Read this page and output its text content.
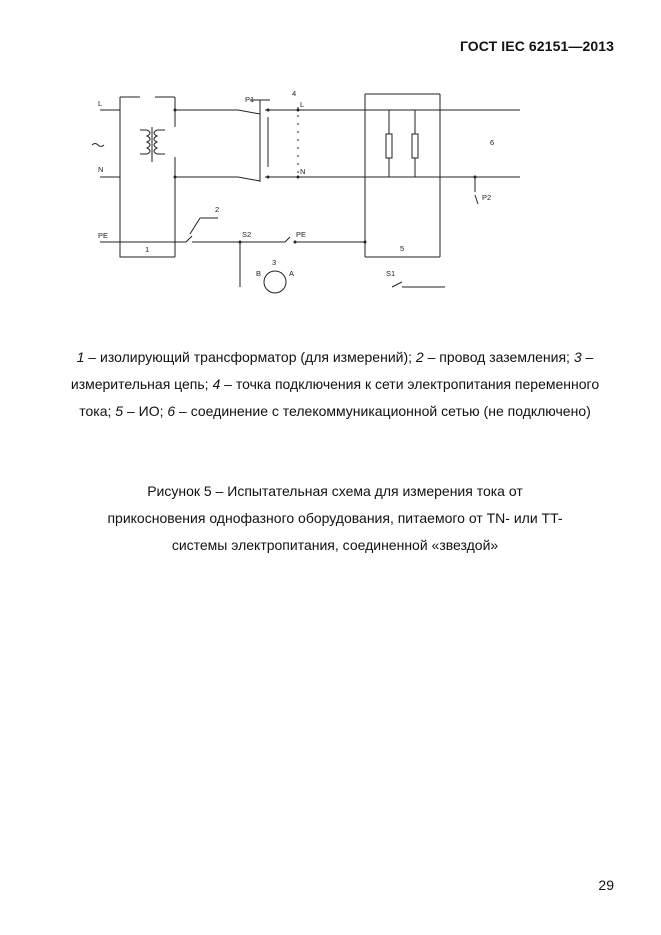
ГОСТ IEC 62151—2013
L
N
PE
1
2
P1
4
L
N
6
P2
S2	PE
5
S1
3
B	A

1 – изолирующий трансформатор (для измерений); 2 – провод заземления; 3 – измерительная цепь; 4 – точка подключения к сети электропитания переменного тока; 5 – ИО; 6 – соединение с телекоммуникационной сетью (не подключено)

Рисунок 5 – Испытательная схема для измерения тока от

прикосновения однофазного оборудования, питаемого от TN- или TT-

системы электропитания, соединенной «звездой»

29
